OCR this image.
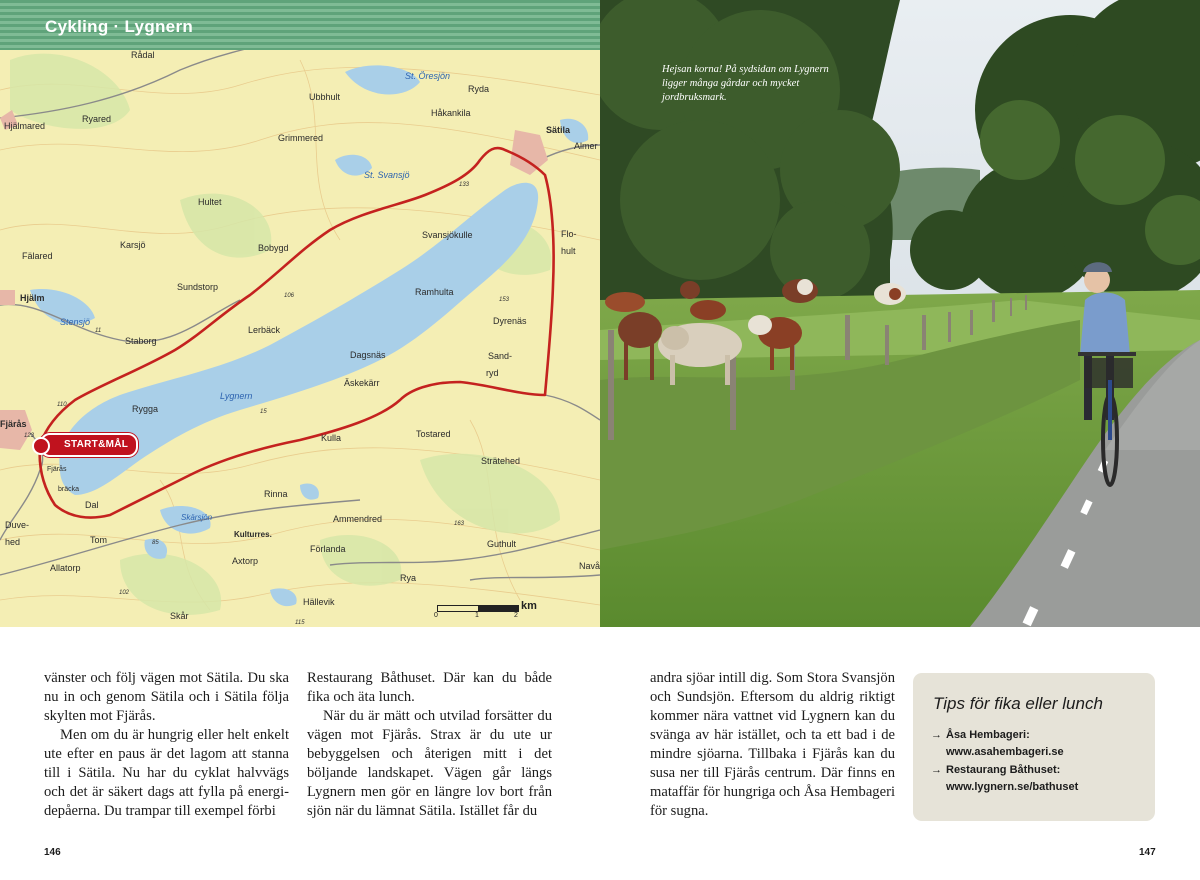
Cykling · Lygnern
Rådal
Ryared
Hjälmared
St. Öresjön
Ubbhult
Ryda
Håkankila
Sätila
Almer
Grimmered
St. Svansjö
Hultet
Svansjökulle	Flo-
hult
Fälared
Karsjö	Bobygd
Sundstorp	Ramhulta
Hjälm
Stensjö
Lerbäck
Staborg
Dyrenäs
Sand-
ryd
Dagsnäs
Äskekärr
Lygnern
Rygga
Kulla	Tostared
Fjärås
Fjärås
bräcka
Strätehed
Rinna
Dal
Skärsjön	Ammendred
Duve-
hed	Tom
Kulturres.
Förlanda	Guthult
Allatorp
Axtorp
Rya
Navå
Hällevik
Skår
133
106
153
110
15
11
123
163
85
102
115
START&MÅL
0	1	2
km
Hejsan korna! På sydsidan om Lygnern ligger många gårdar och mycket jordbruksmark.

vänster och följ vägen mot Sätila. Du ska nu in och genom Sätila och i Sätila följa skylten mot Fjärås.

Men om du är hungrig eller helt enkelt ute efter en paus är det lagom att stanna till i Sätila. Nu har du cyklat halvvägs och det är säkert dags att fylla på energidepåerna. Du trampar till exempel förbi

Restaurang Båthuset. Där kan du både fika och äta lunch.

När du är mätt och utvilad forsätter du vägen mot Fjärås. Strax är du ute ur bebyggelsen och återigen mitt i det böljande landskapet. Vägen går längs Lygnern men gör en längre lov bort från sjön när du lämnat Sätila. Istället får du

andra sjöar intill dig. Som Stora Svansjön och Sundsjön. Eftersom du aldrig riktigt kommer nära vattnet vid Lygnern kan du svänga av här istället, och ta ett bad i de mindre sjöarna. Tillbaka i Fjärås kan du susa ner till Fjärås centrum. Där finns en mataffär för hungriga och Åsa Hembageri för sugna.

Tips för fika eller lunch
→ Åsa Hembageri:
www.asahembageri.se
→ Restaurang Båthuset:
www.lygnern.se/bathuset
146	147
